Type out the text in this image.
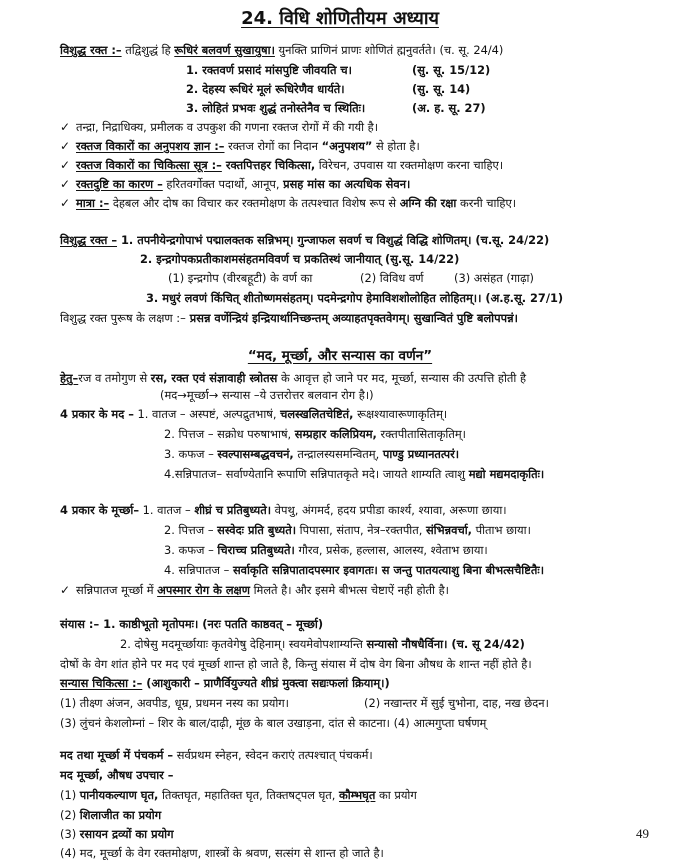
24. विधि शोणितीयम अध्याय
विशुद्ध रक्त :– तद्विशुद्धं हि रूधिरं बलवर्ण सुखायुषा। युनक्ति प्राणिनं प्राणः शोणितं ह्मनुवर्तते। (च. सू. 24/4)
1. रक्तवर्ण प्रसादं मांसपुष्टि जीवयति च।	(सु. सू. 15/12)
2. देहस्य रूधिरं मूलं रूधिरेणैव धार्यते।	(सु. सू. 14)
3. लोहितं प्रभवः शुद्धं तनोस्तेनैव च स्थितिः।	(अ. ह. सू. 27)
✓ तन्द्रा, निद्राधिक्य, प्रमीलक व उपकुश की गणना रक्तज रोगों में की गयी है।
✓ रक्तज विकारों का अनुपशय ज्ञान :– रक्तज रोगों का निदान “अनुपशय” से होता है।
✓ रक्तज विकारों का चिकित्सा सूत्र :– रक्तपित्तहर चिकित्सा, विरेचन, उपवास या रक्तमोक्षण करना चाहिए।
✓ रक्तदुष्टि का कारण – हरितवर्गोक्त पदार्थो, आनूप, प्रसह मांस का अत्यधिक सेवन।
✓ मात्रा :– देहबल और दोष का विचार कर रक्तमोक्षण के तत्पश्चात विशेष रूप से अग्नि की रक्षा करनी चाहिए।
विशुद्ध रक्त – 1. तपनीयेन्द्रगोपाभं पद्मालक्तक सन्निभम्। गुन्जाफल सवर्ण च विशुद्धं विद्धि शोणितम्। (च.सू. 24/22)
2. इन्द्रगोपकप्रतीकाशमसंहतमविवर्ण च प्रकतिस्थं जानीयात् (सु.सू. 14/22)
(1) इन्द्रगोप (वीरबहूटी) के वर्ण का	(2) विविध वर्ण	(3) असंहत (गाढ़ा)
3. मधुरं लवणं किंचित् शीतोष्णमसंहतम्। पदमेन्द्रगोप हेमाविशशोलोहित लोहितम्।। (अ.ह.सू. 27/1)
विशुद्ध रक्त पुरूष के लक्षण :– प्रसन्न वर्णेन्द्रियं इन्द्रियार्थानिच्छन्तम् अव्याहतपृक्तवेगम्। सुखान्वितं पुष्टि बलोपपन्नं।
“मद, मूर्च्छा, और सन्यास का वर्णन”
हेतु–रज व तमोगुण से रस, रक्त एवं संज्ञावाही स्त्रोतस के आवृत्त हो जाने पर मद, मूर्च्छा, सन्यास की उत्पत्ति होती है
(मद→मूर्च्छा→ सन्यास –ये उत्तरोत्तर बलवान रोग है।)
4 प्रकार के मद – 1. वातज – अस्पष्टं, अल्पद्रुतभाषं, चलस्खलितचेष्टितं, रूक्षश्यावारूणाकृतिम्।
2. पित्तज – सक्रोध परुषाभाषं, सम्प्रहार कलिप्रियम, रक्तपीतासिताकृतिम्।
3. कफज – स्वल्पासम्बद्धवचनं, तन्द्रालस्यसमन्वितम्, पाण्डु प्रध्यानतत्परं।
4.सन्निपातज– सर्वाण्येतानि रूपाणि सन्निपातकृते मदे। जायते शाम्यति त्वाशु मद्यो मद्यमदाकृतिः।
4 प्रकार के मूर्च्छा– 1. वातज – शीघ्रं च प्रतिबुध्यते। वेपथु, अंगमर्द, हदय प्रपीडा कार्श्य, श्यावा, अरूणा छाया।
2. पित्तज – सस्वेदः प्रति बुध्यते। पिपासा, संताप, नेत्र–रक्तपीत, संभिन्नवर्चा, पीताभ छाया।
3. कफज – चिराच्च प्रतिबुध्यते। गौरव, प्रसेक, हल्लास, आलस्य, श्वेताभ छाया।
4. सन्निपातज – सर्वाकृति सन्निपातादपस्मार इवागतः। स जन्तु पातयत्याशु बिना बीभत्सचैष्टितैः।
✓ सन्निपातज मूर्च्छा में अपस्मार रोग के लक्षण मिलते है। और इसमे बीभत्स चेष्टाऐं नही होती है।
संयास :– 1. काष्ठीभूतो मृतोपमः। (नरः पतति काष्ठवत् – मूर्च्छा)
2. दोषेसु मदमूर्च्छायाः कृतवेगेषु देहिनाम्। स्वयमेवोपशाम्यन्ति सन्यासो नौषधैर्विना। (च. सू 24/42)
दोषों के वेग शांत होने पर मद एवं मूर्च्छा शान्त हो जाते है, किन्तु संयास में दोष वेग बिना औषध के शान्त नहीं होते है।
सन्यास चिकित्सा :– (आशुकारी – प्राणैर्वियुज्यते शीघ्रं मुक्त्वा सद्यःफलां क्रियाम्।)
(1) तीक्ष्ण अंजन, अवपीड, धूम्र, प्रधमन नस्य का प्रयोग।	(2) नखान्तर में सुई चुभोना, दाह, नख छेदन।
(3) लुंचनं केशलोम्नां – शिर के बाल/दाढ़ी, मूंछ के बाल उखाड़ना, दांत से काटना। (4) आत्मगुप्ता घर्षणम्
मद तथा मूर्च्छा में पंचकर्म – सर्वप्रथम स्नेहन, स्वेदन कराएं तत्पश्चात् पंचकर्म।
मद मूर्च्छा, औषध उपचार –
(1) पानीयकल्याण घृत, तिक्तघृत, महातिक्त घृत, तिक्तषट्पल घृत, कौम्भघृत का प्रयोग
(2) शिलाजीत का प्रयोग
(3) रसायन द्रव्यों का प्रयोग
(4) मद, मूर्च्छा के वेग रक्तमोक्षण, शास्त्रों के श्रवण, सत्संग से शान्त हो जाते है।
49
